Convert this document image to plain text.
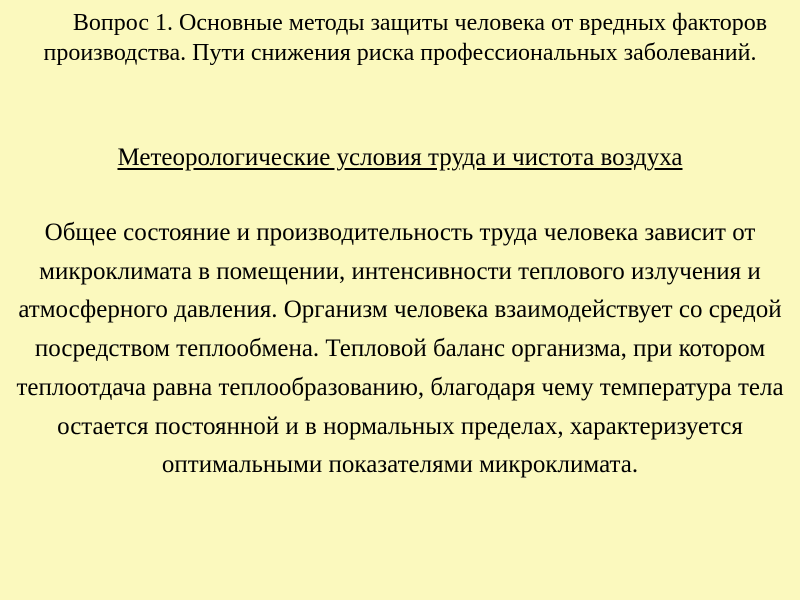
Вопрос 1. Основные методы защиты человека от вредных факторов производства. Пути снижения риска профессиональных заболеваний.
Метеорологические условия труда и чистота воздуха

Общее состояние и производительность труда человека зависит от микроклимата в помещении, интенсивности теплового излучения и атмосферного давления. Организм человека взаимодействует со средой посредством теплообмена. Тепловой баланс организма, при котором теплоотдача равна теплообразованию, благодаря чему температура тела остается постоянной и в нормальных пределах, характеризуется оптимальными показателями микроклимата.
